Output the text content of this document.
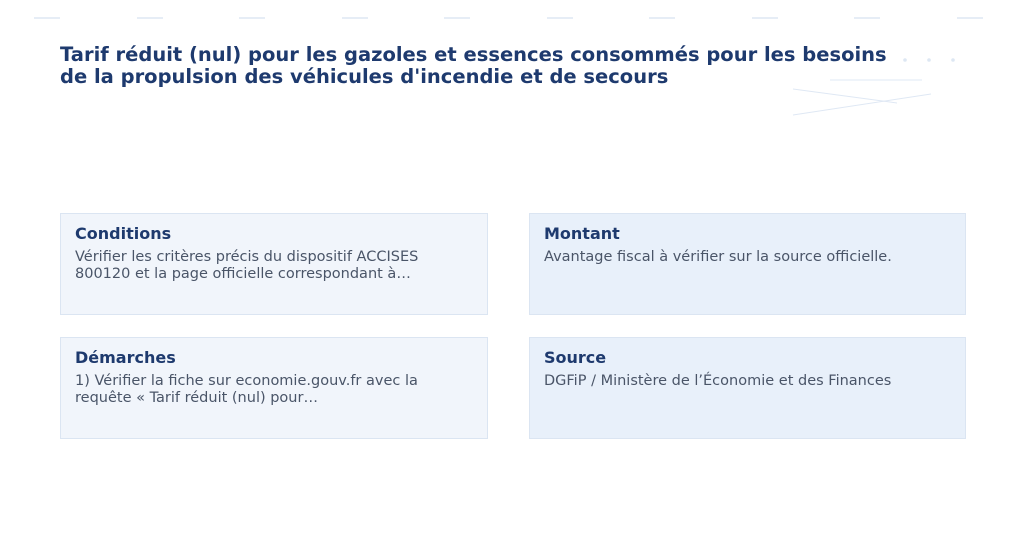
Tarif réduit (nul) pour les gazoles et essences consommés pour les besoins de la propulsion des véhicules d'incendie et de secours
Conditions

Vérifier les critères précis du dispositif ACCISES 800120 et la page officielle correspondant à…

Montant

Avantage fiscal à vérifier sur la source officielle.

Démarches

1) Vérifier la fiche sur economie.gouv.fr avec la requête « Tarif réduit (nul) pour…

Source

DGFiP / Ministère de l’Économie et des Finances
